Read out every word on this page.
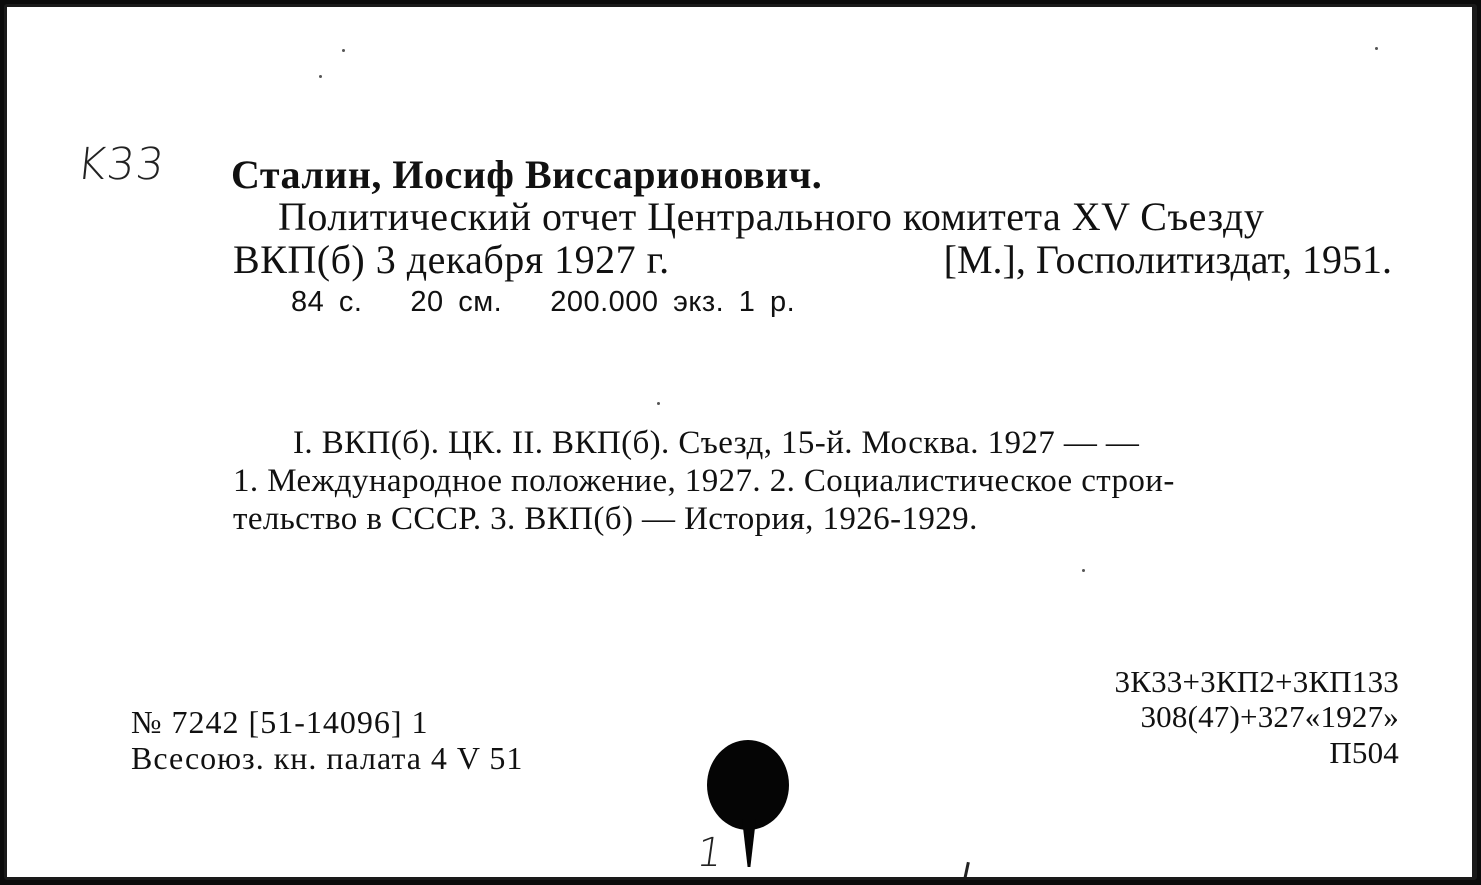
K33 Сталин, Иосиф Виссарионович.
Политический отчет Центрального комитета XV Съезду
ВКП(б) 3 декабря 1927 г.	[М.], Госполитиздат, 1951.
84 с. 20 см. 200.000 экз. 1 р.
I. ВКП(б). ЦК. II. ВКП(б). Съезд, 15-й. Москва. 1927 — —
1. Международное положение, 1927. 2. Социалистическое строи-
тельство в СССР. 3. ВКП(б) — История, 1926-1929.
3К33+3КП2+3КП133
308(47)+327«1927»
П504
№ 7242 [51-14096] 1
Всесоюз. кн. палата 4 V 51
1
